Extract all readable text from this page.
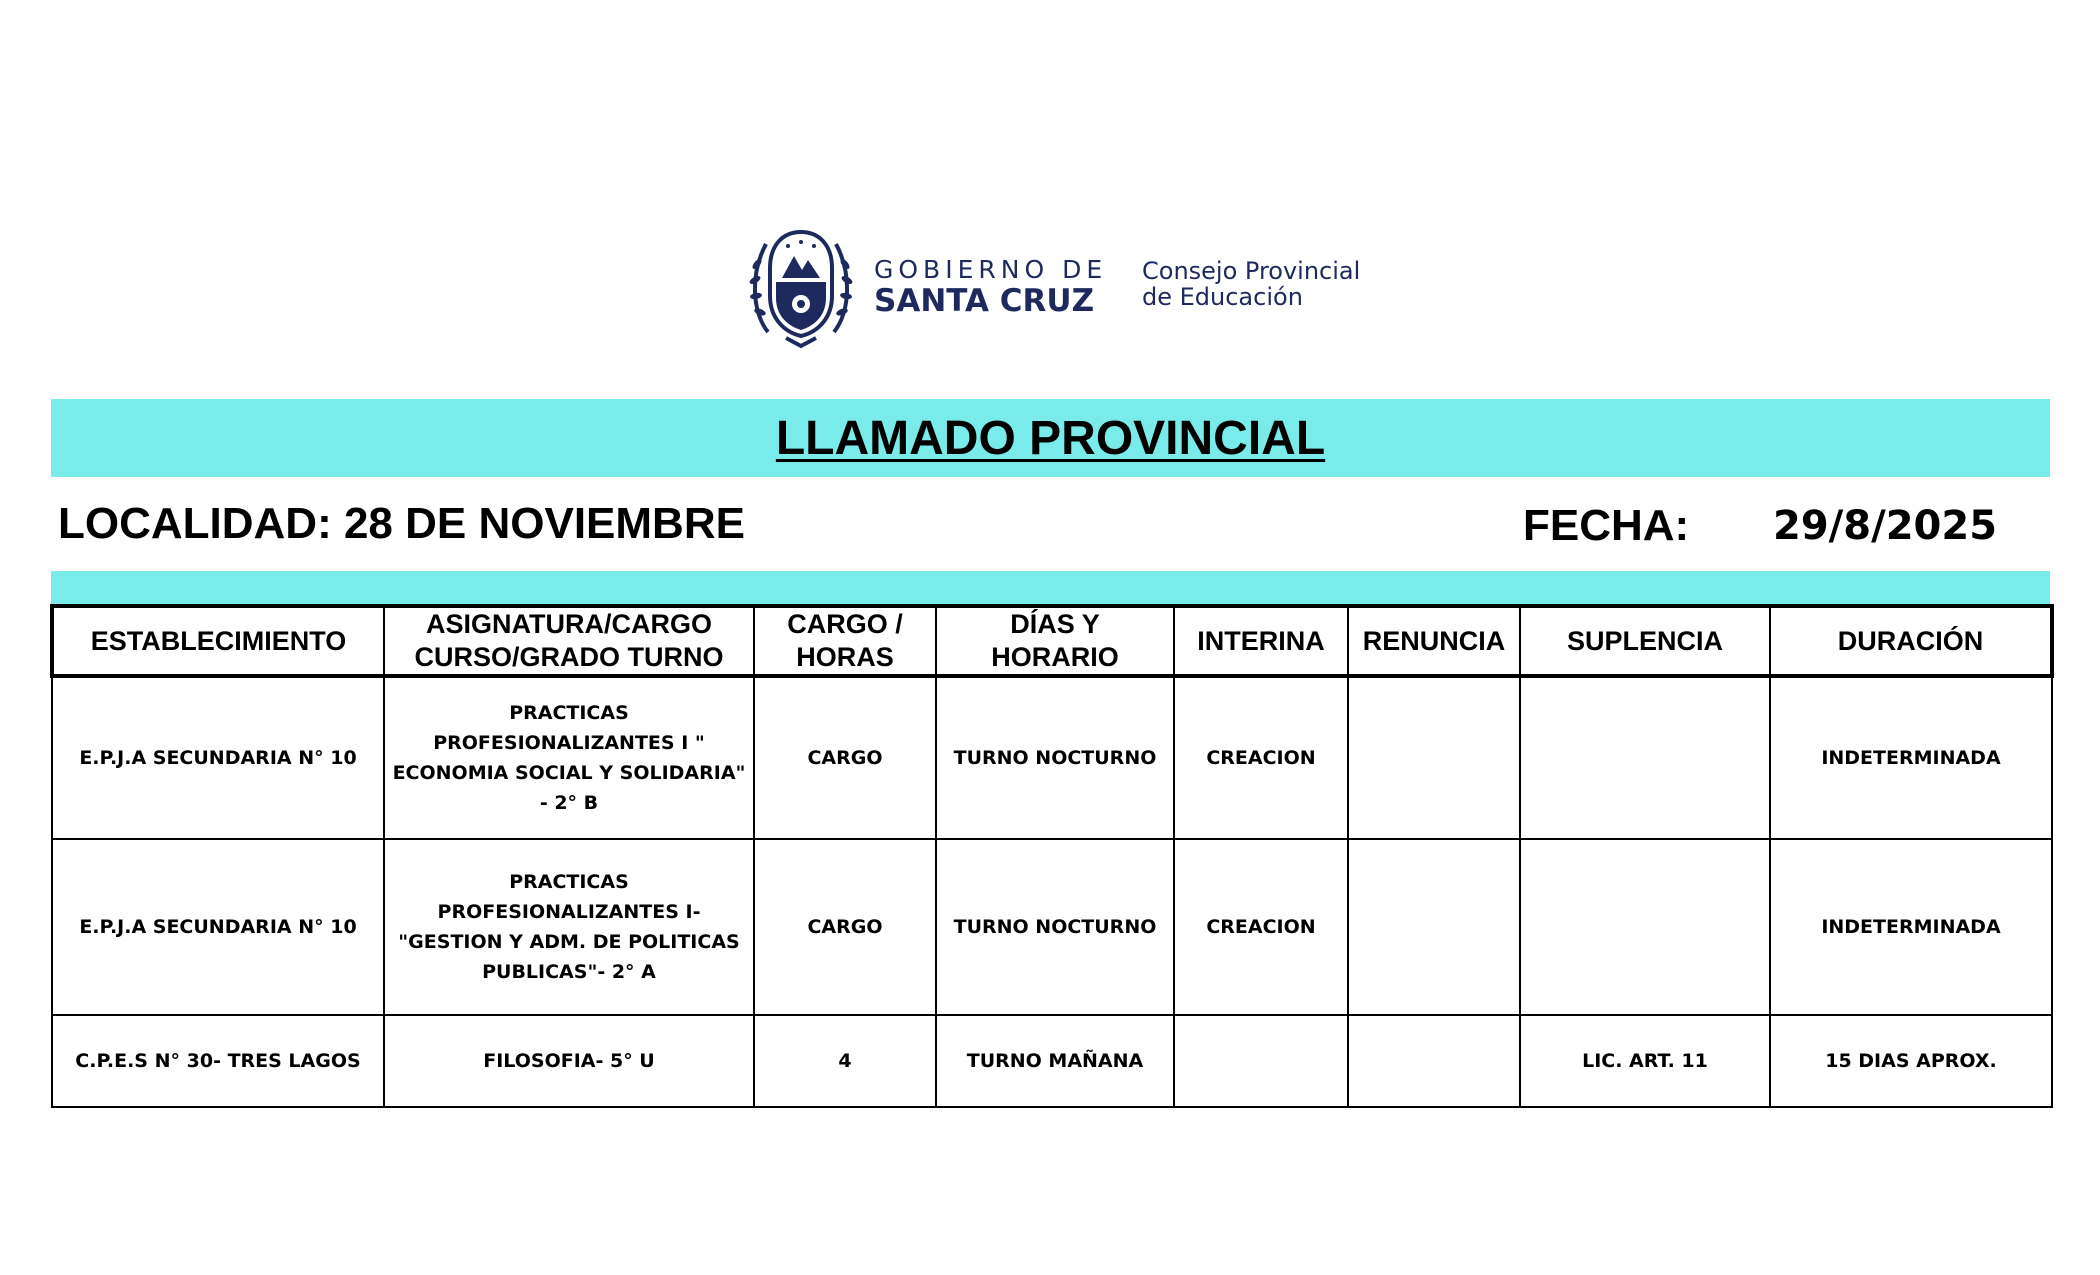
GOBIERNO DE
SANTA CRUZ
Consejo Provincial
de Educación
LLAMADO PROVINCIAL
LOCALIDAD: 28 DE NOVIEMBRE	FECHA: 29/8/2025
ESTABLECIMIENTO	ASIGNATURA/CARGO CURSO/GRADO TURNO	CARGO / HORAS	DÍAS Y HORARIO	INTERINA	RENUNCIA	SUPLENCIA	DURACIÓN
E.P.J.A SECUNDARIA N° 10	PRACTICAS PROFESIONALIZANTES I " ECONOMIA SOCIAL Y SOLIDARIA" - 2° B	CARGO	TURNO NOCTURNO	CREACION			INDETERMINADA
E.P.J.A SECUNDARIA N° 10	PRACTICAS PROFESIONALIZANTES I- "GESTION Y ADM. DE POLITICAS PUBLICAS"- 2° A	CARGO	TURNO NOCTURNO	CREACION			INDETERMINADA
C.P.E.S N° 30- TRES LAGOS	FILOSOFIA- 5° U	4	TURNO MAÑANA			LIC. ART. 11	15 DIAS APROX.
